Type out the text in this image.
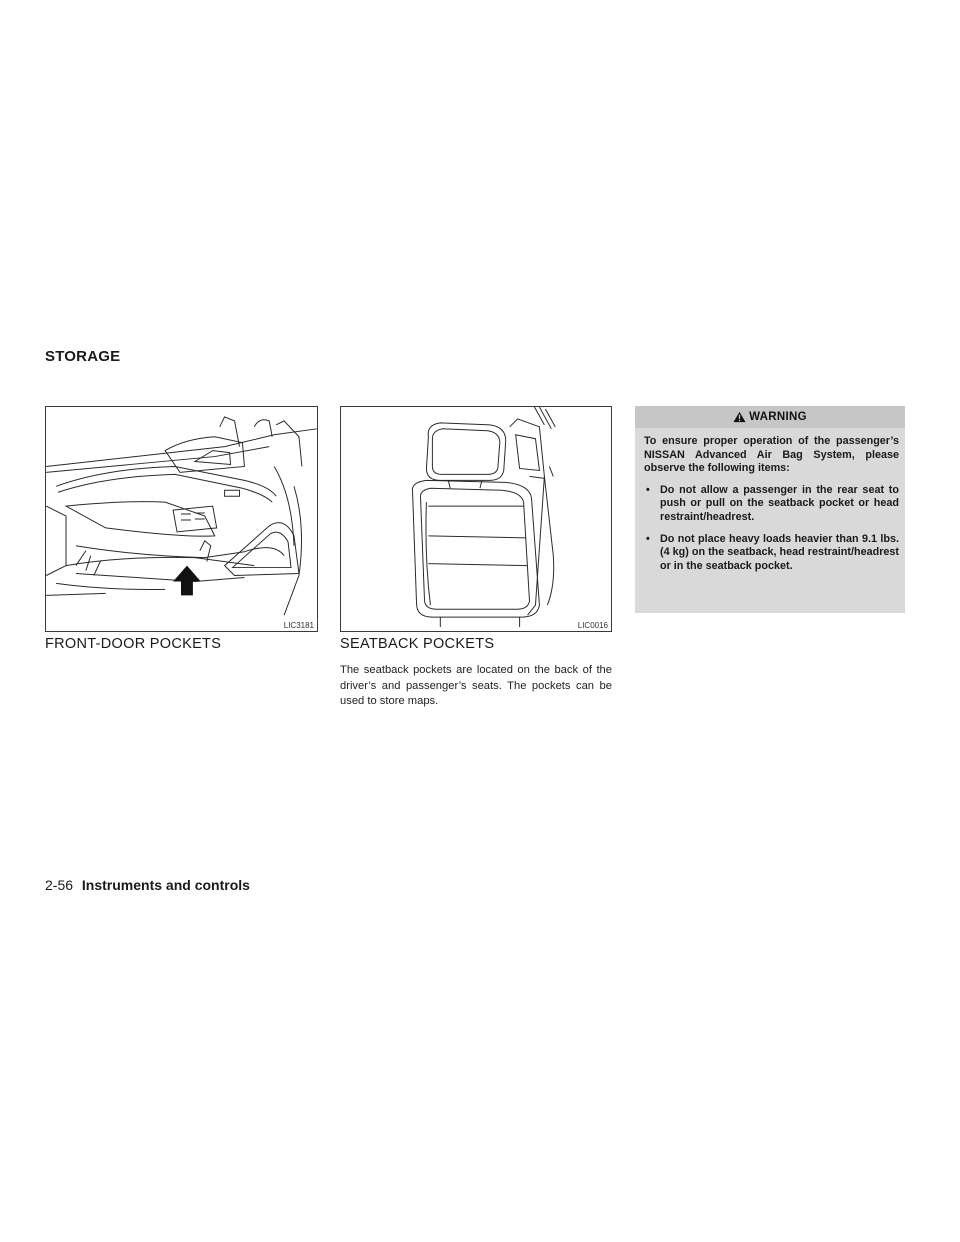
STORAGE
LIC3181	LIC0016
FRONT-DOOR POCKETS	SEATBACK POCKETS
The seatback pockets are located on the back of the driver’s and passenger’s seats. The pockets can be used to store maps.
WARNING

To ensure proper operation of the passenger’s NISSAN Advanced Air Bag System, please observe the following items:

• Do not allow a passenger in the rear seat to push or pull on the seatback pocket or head restraint/headrest.
• Do not place heavy loads heavier than 9.1 lbs. (4 kg) on the seatback, head restraint/headrest or in the seatback pocket.
2-56 Instruments and controls
